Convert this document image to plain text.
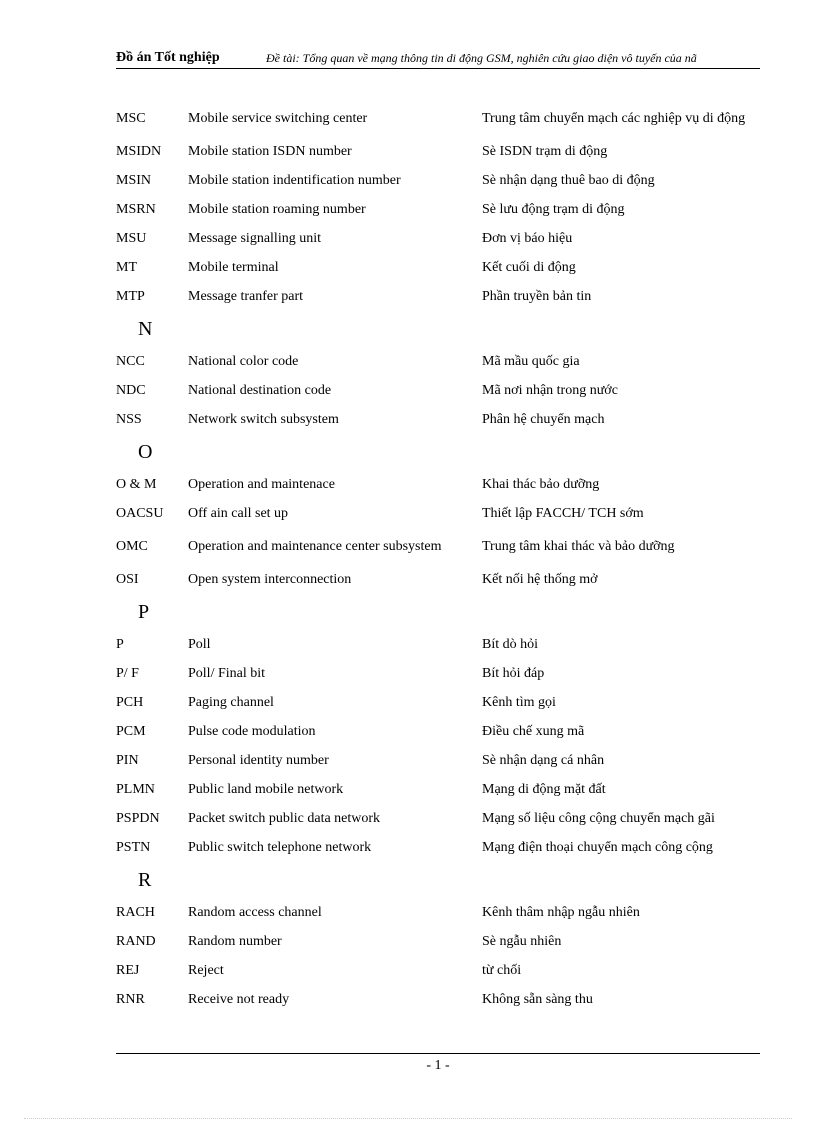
Đồ án Tốt nghiệp	Đề tài: Tổng quan về mạng thông tin di động GSM, nghiên cứu giao diện vô tuyến của nã
MSC	Mobile service switching center	Trung tâm chuyển mạch các nghiệp vụ di động
MSIDN	Mobile station ISDN number	Sè ISDN trạm di động
MSIN	Mobile station indentification number	Sè nhận dạng thuê bao di động
MSRN	Mobile station roaming number	Sè lưu động trạm di động
MSU	Message signalling unit	Đơn vị báo hiệu
MT	Mobile terminal	Kết cuối di động
MTP	Message tranfer part	Phần truyền bản tin
N		
NCC	National color code	Mã mầu quốc gia
NDC	National destination code	Mã nơi nhận trong nước
NSS	Network switch subsystem	Phân hệ chuyển mạch
O		
O & M	Operation and maintenace	Khai thác bảo dưỡng
OACSU	Off ain call set up	Thiết lập FACCH/ TCH sớm
OMC	Operation and maintenance center subsystem	Trung tâm khai thác và bảo dưỡng
OSI	Open system interconnection	Kết nối hệ thống mở
P		
P	Poll	Bít dò hỏi
P/ F	Poll/ Final bit	Bít hỏi đáp
PCH	Paging channel	Kênh tìm gọi
PCM	Pulse code modulation	Điều chế xung mã
PIN	Personal identity number	Sè nhận dạng cá nhân
PLMN	Public land mobile network	Mạng di động mặt đất
PSPDN	Packet switch public data network	Mạng số liệu công cộng chuyển mạch gãi
PSTN	Public switch telephone network	Mạng điện thoại chuyển mạch công cộng
R		
RACH	Random access channel	Kênh thâm nhập ngẫu nhiên
RAND	Random number	Sè ngẫu nhiên
REJ	Reject	từ chối
RNR	Receive not ready	Không sẵn sàng thu
- 1 -
